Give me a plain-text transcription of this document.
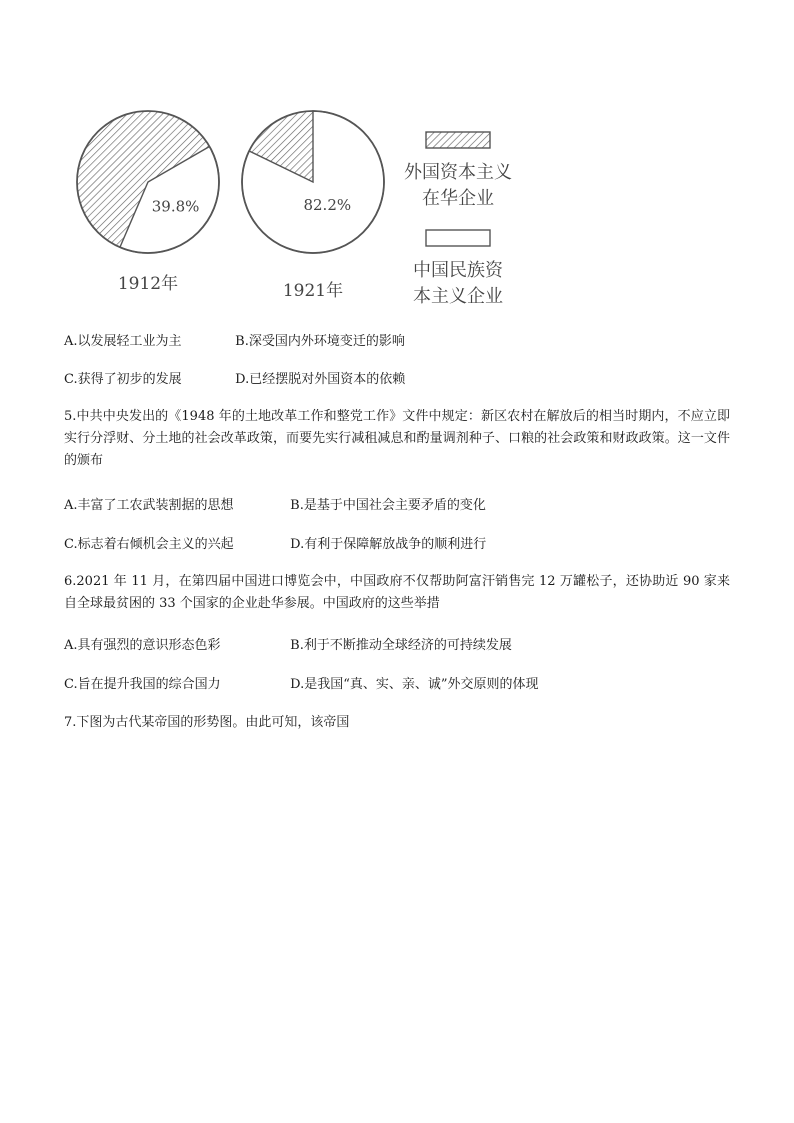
39.8%
1912年
82.2%
1921年
外国资本主义
在华企业
中国民族资
本主义企业
A.以发展轻工业为主	B.深受国内外环境变迁的影响
C.获得了初步的发展	D.已经摆脱对外国资本的依赖
5.中共中央发出的《1948 年的土地改革工作和整党工作》文件中规定：新区农村在解放后的相当时期内，不应立即实行分浮财、分土地的社会改革政策，而要先实行减租减息和酌量调剂种子、口粮的社会政策和财政政策。这一文件的颁布
A.丰富了工农武装割据的思想	B.是基于中国社会主要矛盾的变化
C.标志着右倾机会主义的兴起	D.有利于保障解放战争的顺利进行
6.2021 年 11 月，在第四届中国进口博览会中，中国政府不仅帮助阿富汗销售完 12 万罐松子，还协助近 90 家来自全球最贫困的 33 个国家的企业赴华参展。中国政府的这些举措
A.具有强烈的意识形态色彩	B.利于不断推动全球经济的可持续发展
C.旨在提升我国的综合国力	D.是我国“真、实、亲、诚”外交原则的体现
7.下图为古代某帝国的形势图。由此可知，该帝国
